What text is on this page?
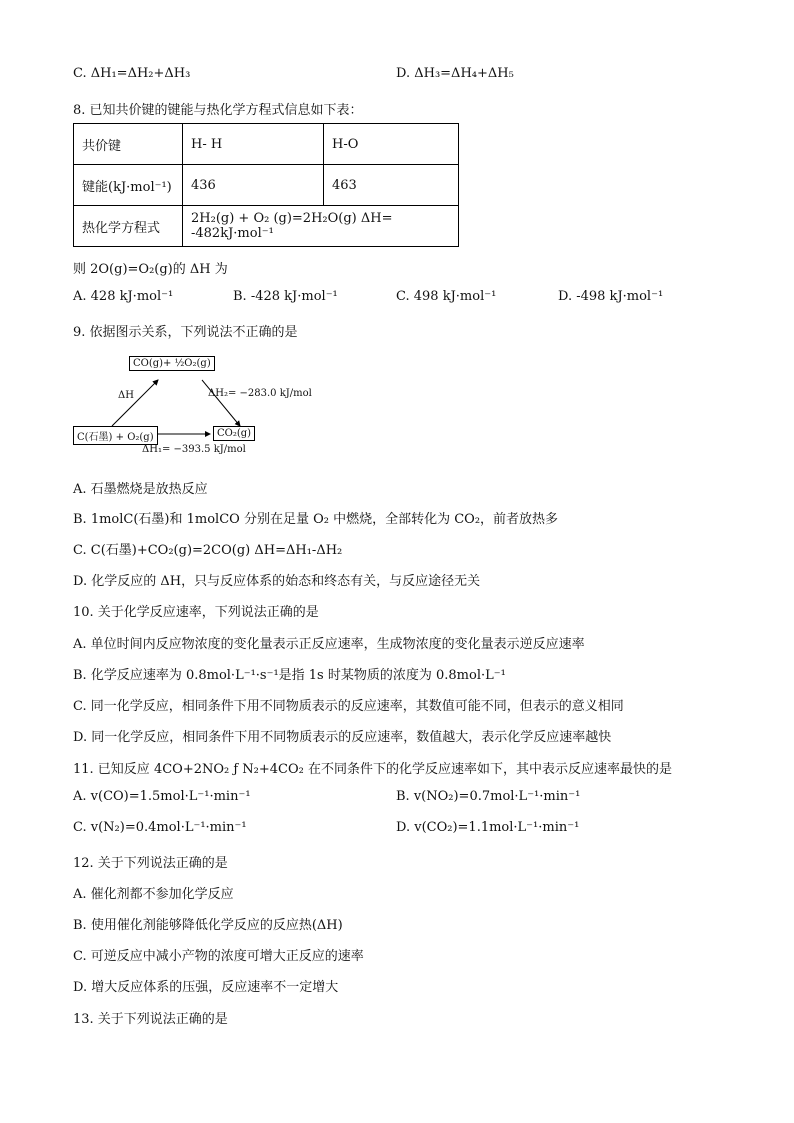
C. ΔH₁=ΔH₂+ΔH₃	D. ΔH₃=ΔH₄+ΔH₅
8. 已知共价键的键能与热化学方程式信息如下表：
共价键	H- H	H-O
键能(kJ·mol⁻¹)	436	463
热化学方程式	2H₂(g) + O₂ (g)=2H₂O(g) ΔH= -482kJ·mol⁻¹	
则 2O(g)=O₂(g)的 ΔH 为
A. 428 kJ·mol⁻¹	B. -428 kJ·mol⁻¹	C. 498 kJ·mol⁻¹	D. -498 kJ·mol⁻¹
9. 依据图示关系，下列说法不正确的是
CO(g)+ ½O₂(g)
C(石墨) + O₂(g)	CO₂(g)
ΔH	ΔH₂= −283.0 kJ/mol
ΔH₁= −393.5 kJ/mol
A. 石墨燃烧是放热反应
B. 1molC(石墨)和 1molCO 分别在足量 O₂ 中燃烧，全部转化为 CO₂，前者放热多
C. C(石墨)+CO₂(g)=2CO(g) ΔH=ΔH₁-ΔH₂
D. 化学反应的 ΔH，只与反应体系的始态和终态有关，与反应途径无关
10. 关于化学反应速率，下列说法正确的是
A. 单位时间内反应物浓度的变化量表示正反应速率，生成物浓度的变化量表示逆反应速率
B. 化学反应速率为 0.8mol·L⁻¹·s⁻¹是指 1s 时某物质的浓度为 0.8mol·L⁻¹
C. 同一化学反应，相同条件下用不同物质表示的反应速率，其数值可能不同，但表示的意义相同
D. 同一化学反应，相同条件下用不同物质表示的反应速率，数值越大，表示化学反应速率越快
11. 已知反应 4CO+2NO₂ ƒ N₂+4CO₂ 在不同条件下的化学反应速率如下，其中表示反应速率最快的是
A. v(CO)=1.5mol·L⁻¹·min⁻¹	B. v(NO₂)=0.7mol·L⁻¹·min⁻¹
C. v(N₂)=0.4mol·L⁻¹·min⁻¹	D. v(CO₂)=1.1mol·L⁻¹·min⁻¹
12. 关于下列说法正确的是
A. 催化剂都不参加化学反应
B. 使用催化剂能够降低化学反应的反应热(ΔH)
C. 可逆反应中减小产物的浓度可增大正反应的速率
D. 增大反应体系的压强，反应速率不一定增大
13. 关于下列说法正确的是
